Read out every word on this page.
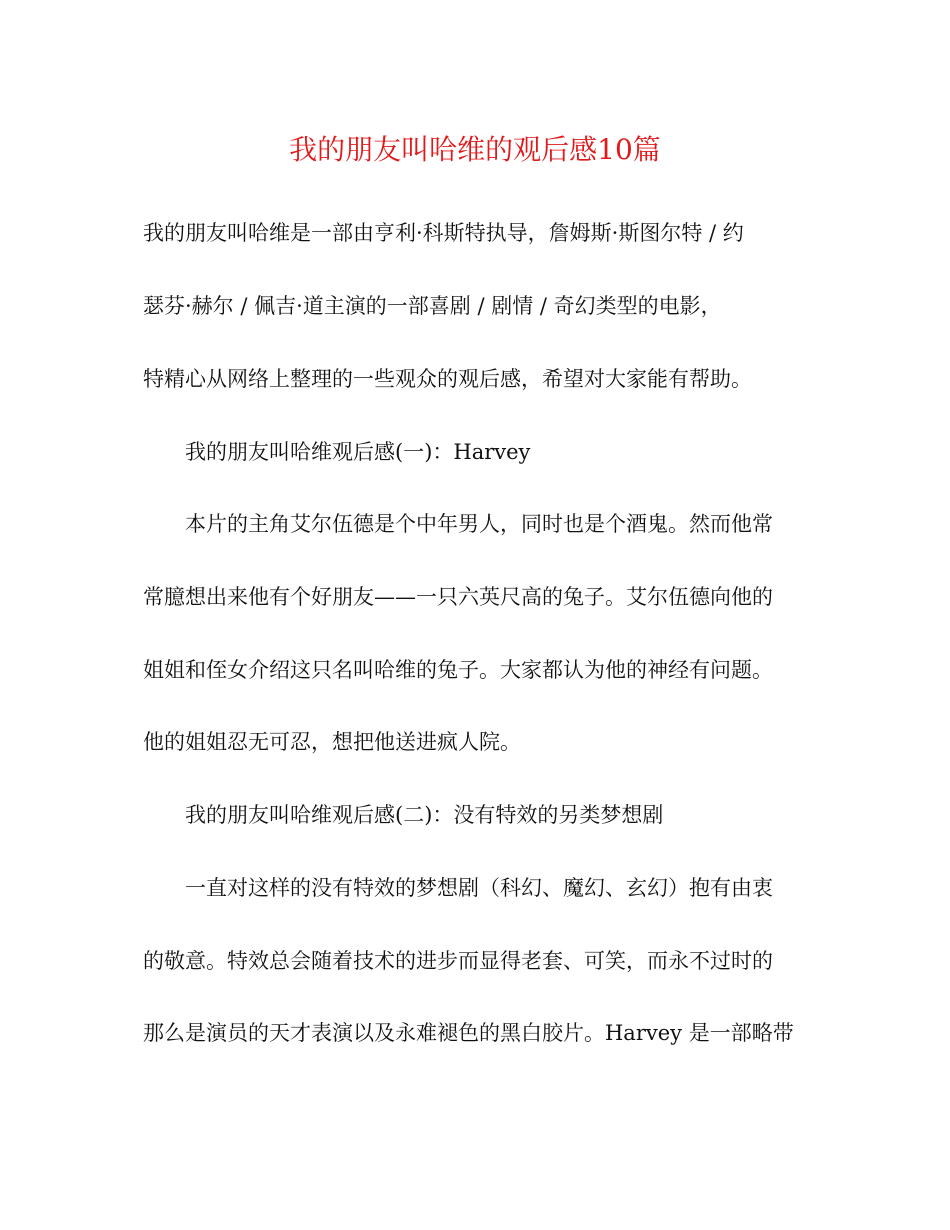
我的朋友叫哈维的观后感10篇

我的朋友叫哈维是一部由亨利·科斯特执导，詹姆斯·斯图尔特 / 约

瑟芬·赫尔 / 佩吉·道主演的一部喜剧 / 剧情 / 奇幻类型的电影，

特精心从网络上整理的一些观众的观后感，希望对大家能有帮助。

我的朋友叫哈维观后感(一)：Harvey

本片的主角艾尔伍德是个中年男人，同时也是个酒鬼。然而他常

常臆想出来他有个好朋友——一只六英尺高的兔子。艾尔伍德向他的

姐姐和侄女介绍这只名叫哈维的兔子。大家都认为他的神经有问题。

他的姐姐忍无可忍，想把他送进疯人院。

我的朋友叫哈维观后感(二)：没有特效的另类梦想剧

一直对这样的没有特效的梦想剧（科幻、魔幻、玄幻）抱有由衷

的敬意。特效总会随着技术的进步而显得老套、可笑，而永不过时的

那么是演员的天才表演以及永难褪色的黑白胶片。Harvey 是一部略带
